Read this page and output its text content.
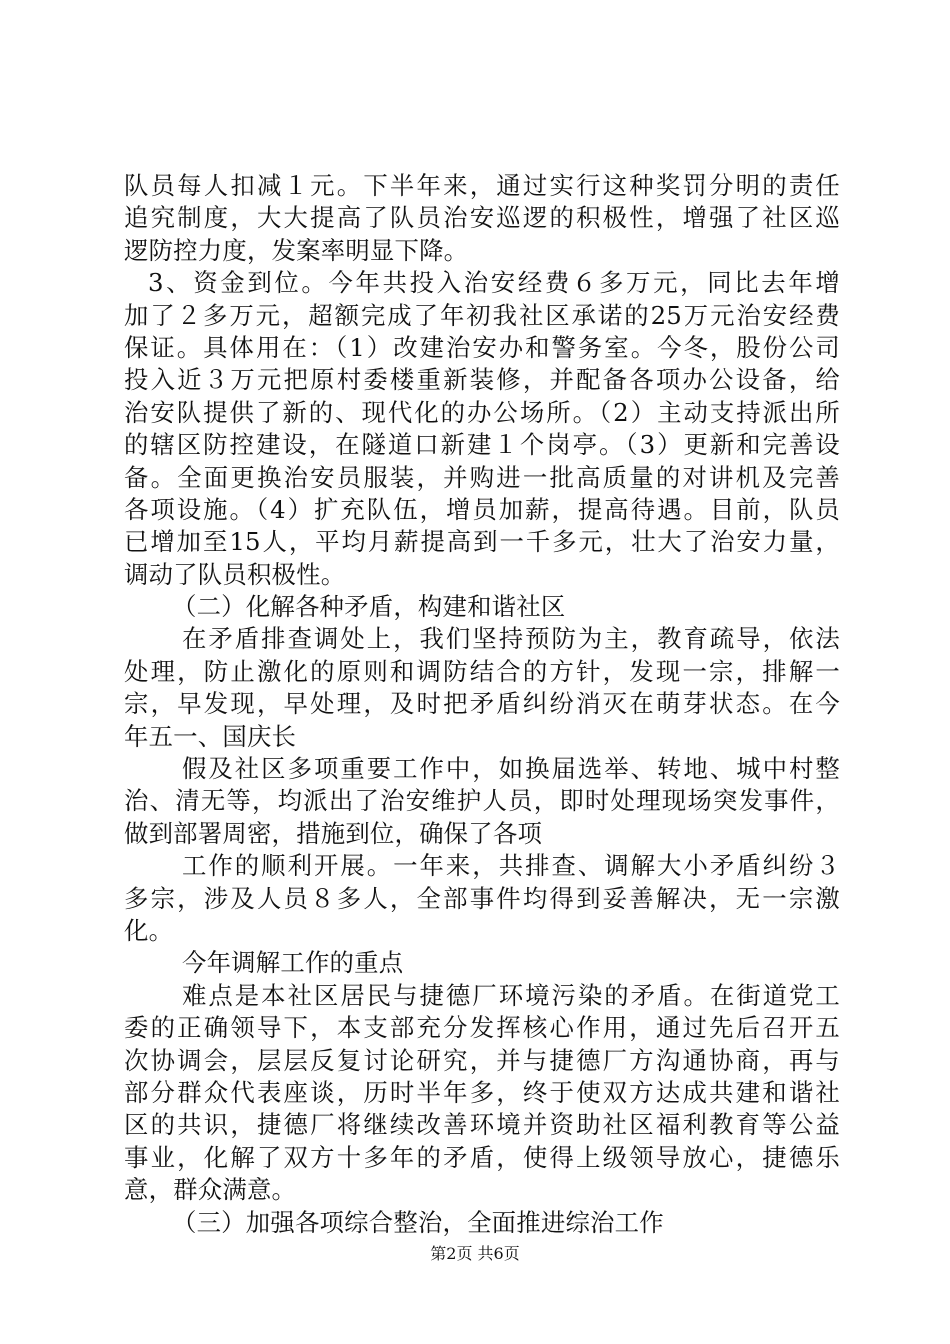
队员每人扣减１元。下半年来，通过实行这种奖罚分明的责任
追究制度，大大提高了队员治安巡逻的积极性，增强了社区巡
逻防控力度，发案率明显下降。
3、资金到位。今年共投入治安经费６多万元，同比去年增
加了２多万元，超额完成了年初我社区承诺的25万元治安经费
保证。具体用在：（1）改建治安办和警务室。今冬，股份公司
投入近３万元把原村委楼重新装修，并配备各项办公设备，给
治安队提供了新的、现代化的办公场所。（2）主动支持派出所
的辖区防控建设，在隧道口新建１个岗亭。（3）更新和完善设
备。全面更换治安员服装，并购进一批高质量的对讲机及完善
各项设施。（4）扩充队伍，增员加薪，提高待遇。目前，队员
已增加至15人，平均月薪提高到一千多元，壮大了治安力量，
调动了队员积极性。
（二）化解各种矛盾，构建和谐社区
在矛盾排查调处上，我们坚持预防为主，教育疏导，依法
处理，防止激化的原则和调防结合的方针，发现一宗，排解一
宗，早发现，早处理，及时把矛盾纠纷消灭在萌芽状态。在今
年五一、国庆长
假及社区多项重要工作中，如换届选举、转地、城中村整
治、清无等，均派出了治安维护人员，即时处理现场突发事件，
做到部署周密，措施到位，确保了各项
工作的顺利开展。一年来，共排查、调解大小矛盾纠纷３
多宗，涉及人员８多人，全部事件均得到妥善解决，无一宗激
化。
今年调解工作的重点
难点是本社区居民与捷德厂环境污染的矛盾。在街道党工
委的正确领导下，本支部充分发挥核心作用，通过先后召开五
次协调会，层层反复讨论研究，并与捷德厂方沟通协商，再与
部分群众代表座谈，历时半年多，终于使双方达成共建和谐社
区的共识，捷德厂将继续改善环境并资助社区福利教育等公益
事业，化解了双方十多年的矛盾，使得上级领导放心，捷德乐
意，群众满意。
（三）加强各项综合整治，全面推进综治工作
第2页 共6页
